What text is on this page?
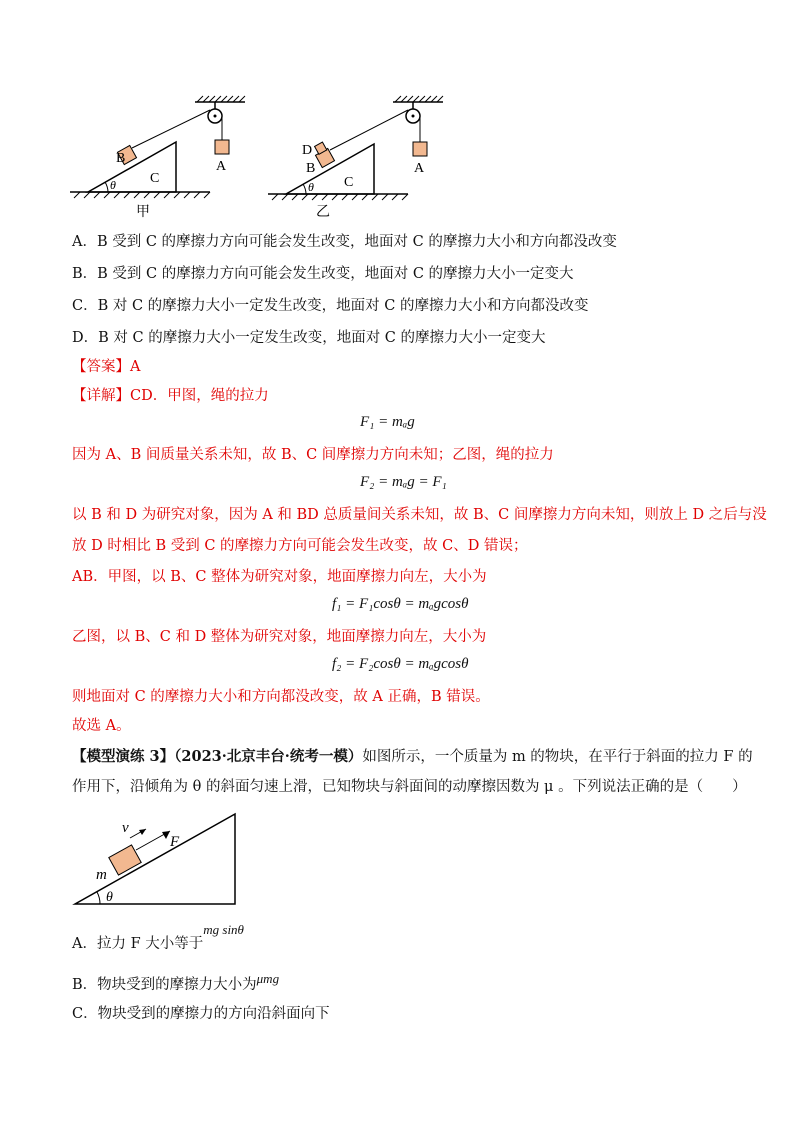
θ
B
C
A
甲
θ
D
B
C
A
乙
A．B 受到 C 的摩擦力方向可能会发生改变，地面对 C 的摩擦力大小和方向都没改变
B．B 受到 C 的摩擦力方向可能会发生改变，地面对 C 的摩擦力大小一定变大
C．B 对 C 的摩擦力大小一定发生改变，地面对 C 的摩擦力大小和方向都没改变
D．B 对 C 的摩擦力大小一定发生改变，地面对 C 的摩擦力大小一定变大
【答案】A
【详解】CD．甲图，绳的拉力
F₁ = mₐg
因为 A、B 间质量关系未知，故 B、C 间摩擦力方向未知；乙图，绳的拉力
F₂ = mₐg = F₁
以 B 和 D 为研究对象，因为 A 和 BD 总质量间关系未知，故 B、C 间摩擦力方向未知，则放上 D 之后与没
放 D 时相比 B 受到 C 的摩擦力方向可能会发生改变，故 C、D 错误；
AB．甲图，以 B、C 整体为研究对象，地面摩擦力向左，大小为
f₁ = F₁cosθ = mₐgcosθ
乙图，以 B、C 和 D 整体为研究对象，地面摩擦力向左，大小为
f₂ = F₂cosθ = mₐgcosθ
则地面对 C 的摩擦力大小和方向都没改变，故 A 正确，B 错误。
故选 A。
【模型演练 3】（2023·北京丰台·统考一模）如图所示，一个质量为 m 的物块，在平行于斜面的拉力 F 的
作用下，沿倾角为 θ 的斜面匀速上滑，已知物块与斜面间的动摩擦因数为 μ 。下列说法正确的是（　　）
θ
v
F
m
A．拉力 F 大小等于mg sinθ
B．物块受到的摩擦力大小为μmg
C．物块受到的摩擦力的方向沿斜面向下
